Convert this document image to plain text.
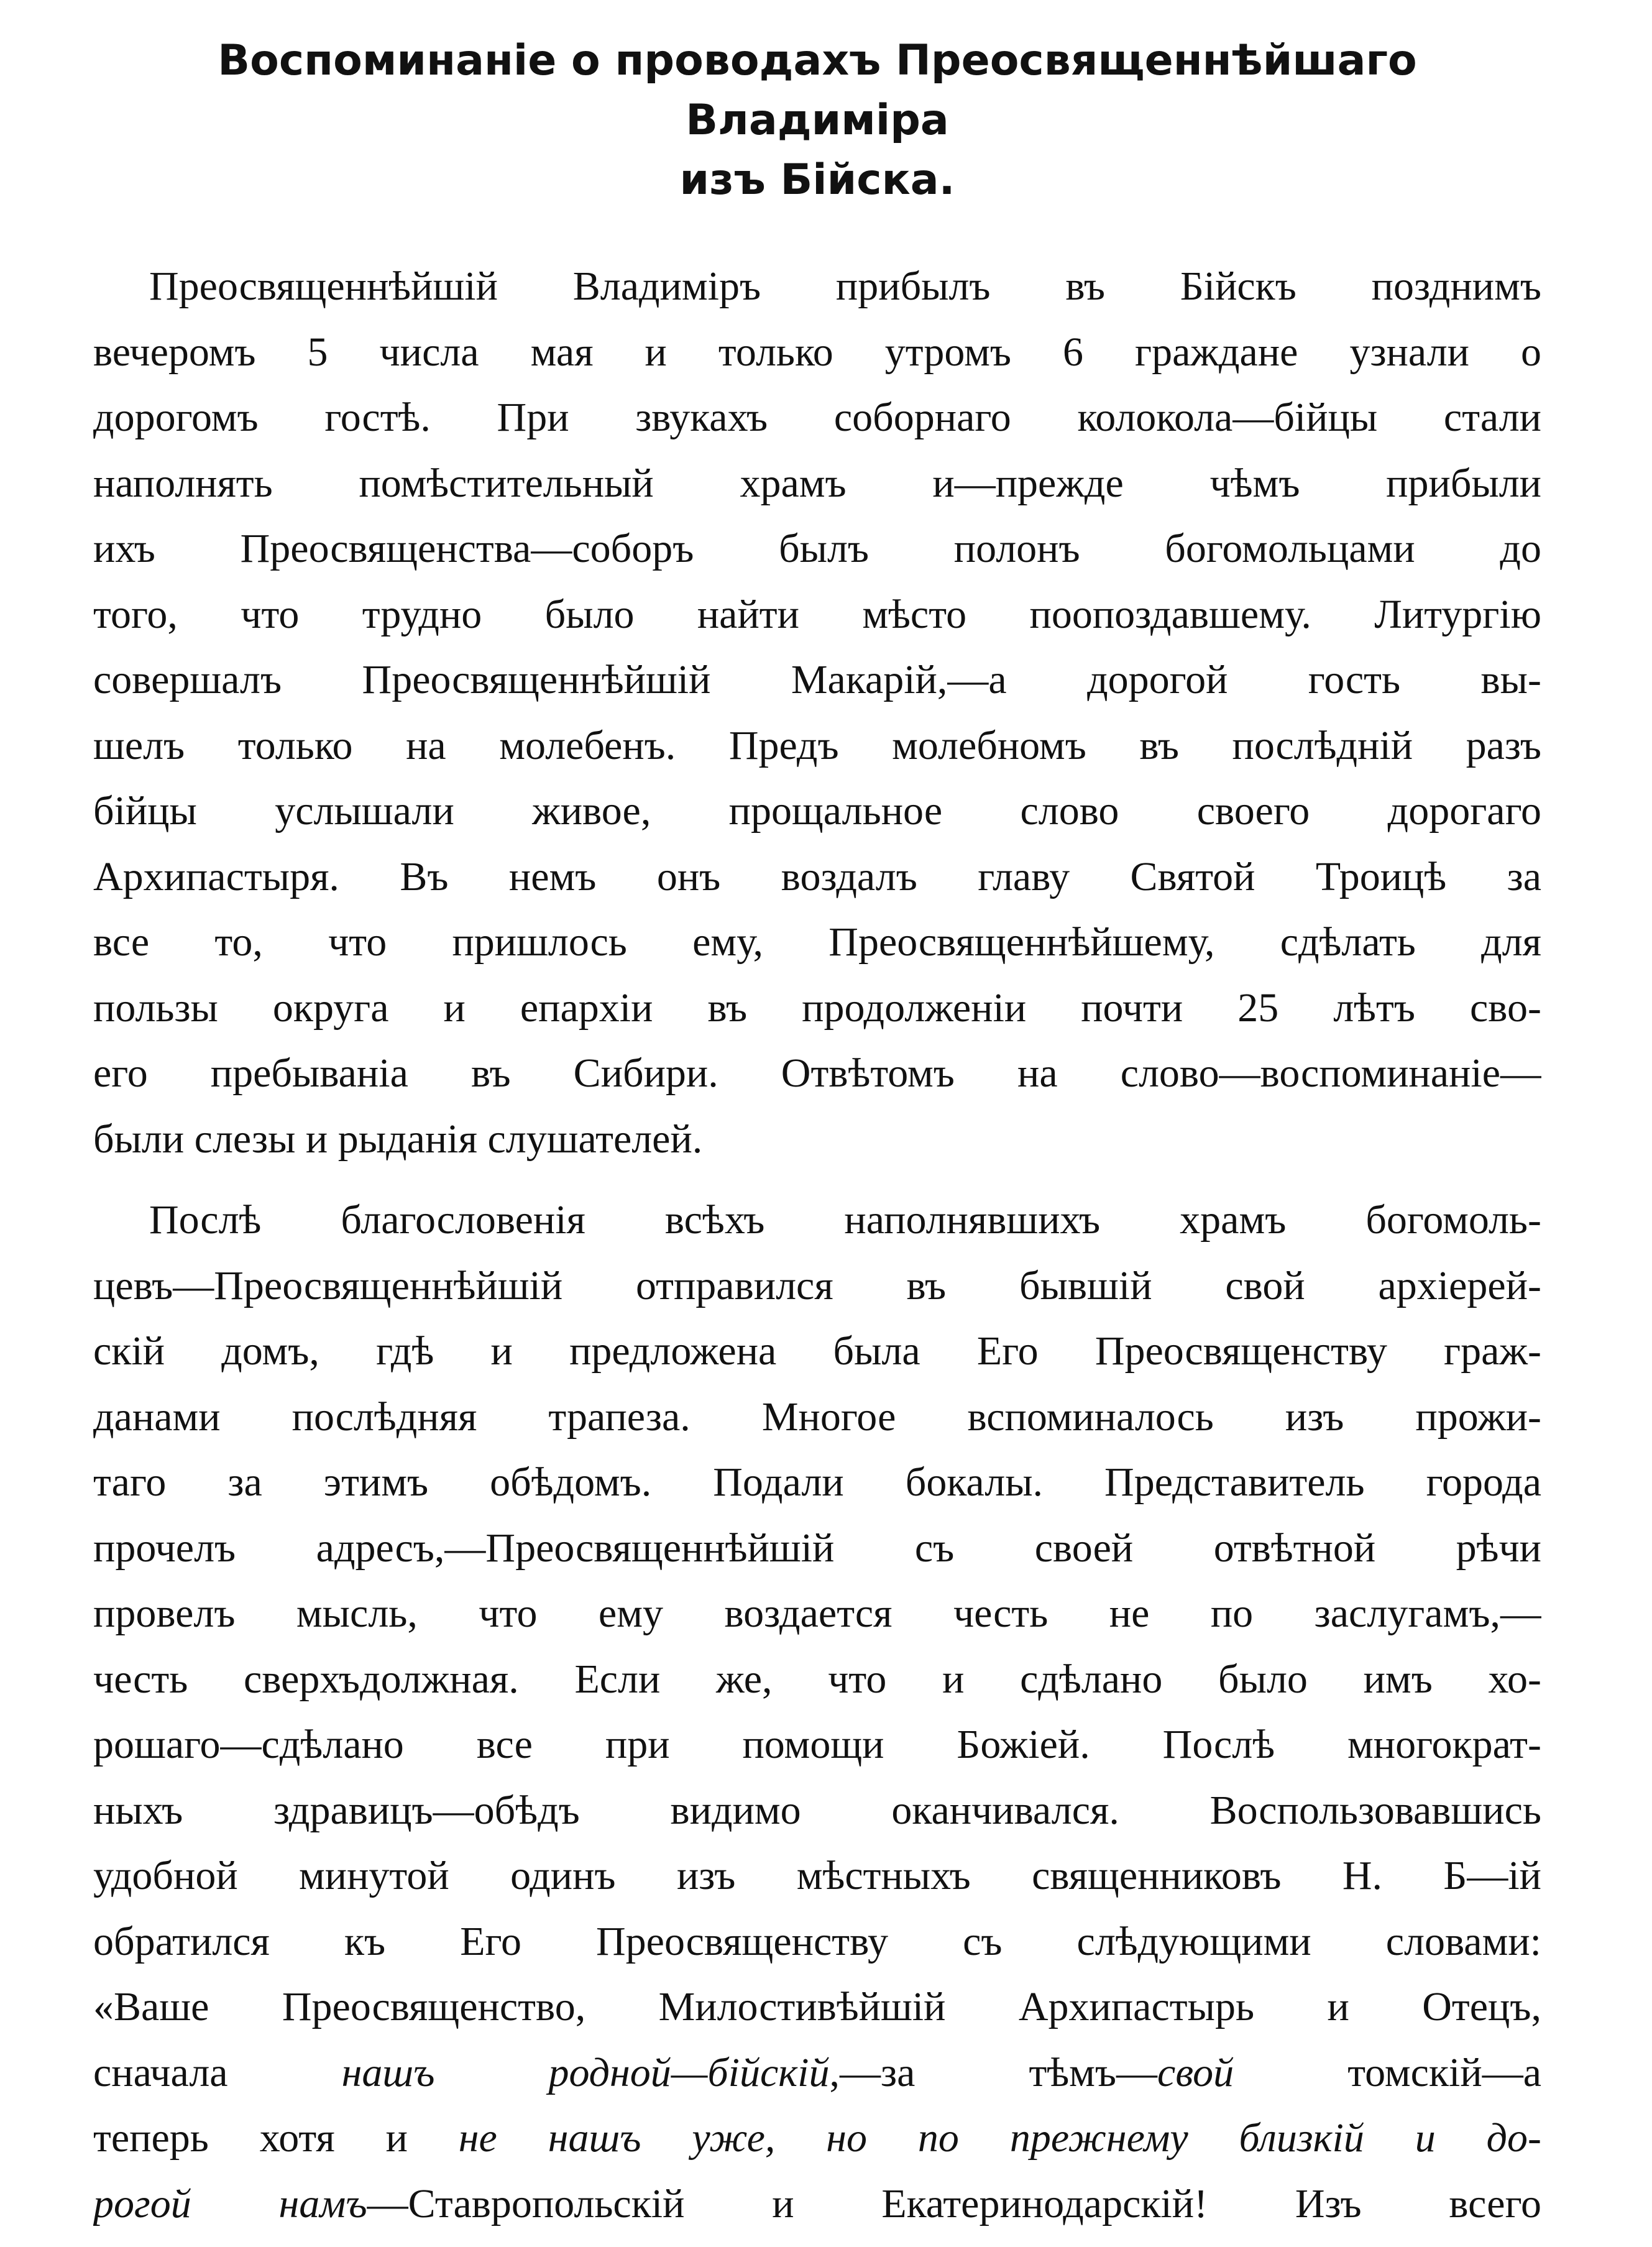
Воспоминаніе о проводахъ Преосвященнѣйшаго Владиміра
изъ Бійска.
Преосвященнѣйшій Владиміръ прибылъ въ Бійскъ позднимъ
вечеромъ 5 числа мая и только утромъ 6 граждане узнали о
дорогомъ гостѣ. При звукахъ соборнаго колокола—бійцы стали
наполнять помѣстительный храмъ и—прежде чѣмъ прибыли
ихъ Преосвященства—соборъ былъ полонъ богомольцами до
того, что трудно было найти мѣсто поопоздавшему. Литургію
совершалъ Преосвященнѣйшій Макарій,—а дорогой гость вы-
шелъ только на молебенъ. Предъ молебномъ въ послѣдній разъ
бійцы услышали живое, прощальное слово своего дорогаго
Архипастыря. Въ немъ онъ воздалъ главу Святой Троицѣ за
все то, что пришлось ему, Преосвященнѣйшему, сдѣлать для
пользы округа и епархіи въ продолженіи почти 25 лѣтъ сво-
его пребываніа въ Сибири. Отвѣтомъ на слово—воспоминаніе—
были слезы и рыданія слушателей.
Послѣ благословенія всѣхъ наполнявшихъ храмъ богомоль-
цевъ—Преосвященнѣйшій отправился въ бывшій свой архіерей-
скій домъ, гдѣ и предложена была Его Преосвященству граж-
данами послѣдняя трапеза. Многое вспоминалось изъ прожи-
таго за этимъ обѣдомъ. Подали бокалы. Представитель города
прочелъ адресъ,—Преосвященнѣйшій съ своей отвѣтной рѣчи
провелъ мысль, что ему воздается честь не по заслугамъ,—
честь сверхъдолжная. Если же, что и сдѣлано было имъ хо-
рошаго—сдѣлано все при помощи Божіей. Послѣ многократ-
ныхъ здравицъ—обѣдъ видимо оканчивался. Воспользовавшись
удобной минутой одинъ изъ мѣстныхъ священниковъ Н. Б—ій
обратился къ Его Преосвященству съ слѣдующими словами:
«Ваше Преосвященство, Милостивѣйшій Архипастырь и Отецъ,
сначала нашъ родной—бійскій,—за тѣмъ—свой томскій—а
теперь хотя и не нашъ уже, но по прежнему близкій и до-
рогой намъ—Ставропольскій и Екатеринодарскій! Изъ всего
